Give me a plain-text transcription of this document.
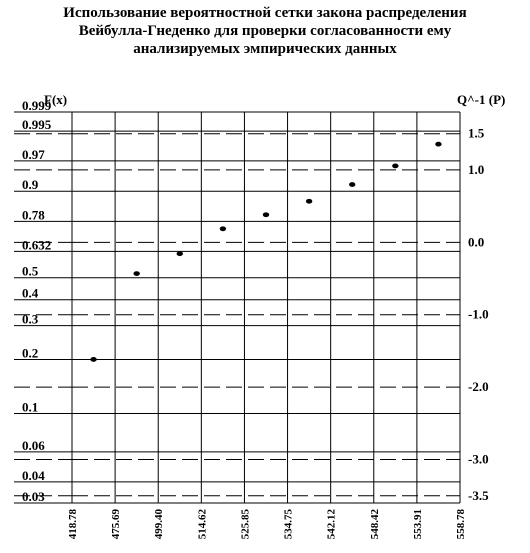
Использование вероятностной сетки закона распределения
Вейбулла-Гнеденко для проверки согласованности ему
анализируемых эмпирических данных
418.78	475.69	499.40	514.62	525.85	534.75	542.12	548.42	553.91	558.78
0.999
0.995
0.97
0.9
0.78
0.632
0.5
0.4
0.3
0.2
0.1
0.06
0.04
0.03
1.5
1.0
0.0
-1.0
-2.0
-3.0
-3.5
F(x)	Q^-1 (P)
